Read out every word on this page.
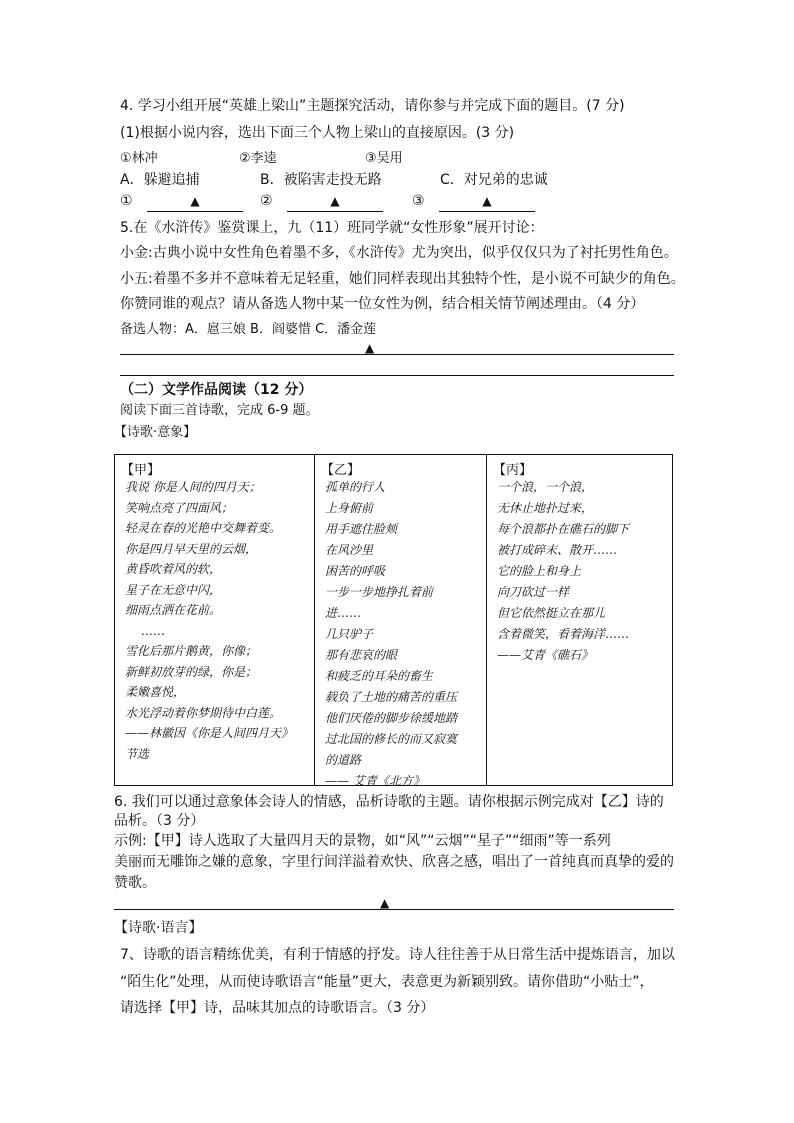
4. 学习小组开展“英雄上梁山”主题探究活动，请你参与并完成下面的题目。(7 分)
(1)根据小说内容，选出下面三个人物上梁山的直接原因。(3 分)
①林冲	②李逵	③吴用
A．躲避追捕	B．被陷害走投无路	C．对兄弟的忠诚
①	▲	②	▲	③	▲
5.在《水浒传》鉴赏课上，九（11）班同学就“女性形象”展开讨论：
小金:古典小说中女性角色着墨不多，《水浒传》尤为突出，似乎仅仅只为了衬托男性角色。
小五:着墨不多并不意味着无足轻重，她们同样表现出其独特个性，是小说不可缺少的角色。
你赞同谁的观点？请从备选人物中某一位女性为例，结合相关情节阐述理由。（4 分）
备选人物：A．扈三娘 B．阎婆惜 C．潘金莲
▲
（二）文学作品阅读（12 分）
阅读下面三首诗歌，完成 6-9 题。
【诗歌·意象】
【甲】
我说 你是人间的四月天；
笑响点亮了四面风；
轻灵在春的光艳中交舞着变。
你是四月早天里的云烟，
黄昏吹着风的软，
星子在无意中闪，
细雨点洒在花前。
　 ……
雪化后那片鹅黄，你像；
新鲜初放芽的绿，你是；
柔嫩喜悦，
水光浮动着你梦期待中白莲。
——林徽因《你是人间四月天》
节选
【乙】
孤单的行人
上身俯前
用手遮住脸颊
在风沙里
困苦的呼吸
一步一步地挣扎着前
进……
几只驴子
那有悲哀的眼
和疲乏的耳朵的畜生
载负了土地的痛苦的重压
他们厌倦的脚步徐缓地踏
过北国的修长的而又寂寞
的道路
—— 艾青《北方》
【丙】
一个浪，一个浪，
无休止地扑过来，
每个浪都扑在礁石的脚下
被打成碎末、散开……
它的脸上和身上
向刀砍过一样
但它依然挺立在那儿
含着微笑，看着海洋……
——艾青《礁石》
6. 我们可以通过意象体会诗人的情感，品析诗歌的主题。请你根据示例完成对【乙】诗的
品析。（3 分）
示例:【甲】诗人选取了大量四月天的景物，如“风”“云烟”“星子”“细雨”等一系列
美丽而无雕饰之嫌的意象，字里行间洋溢着欢快、欣喜之感，唱出了一首纯真而真挚的爱的
赞歌。
▲
【诗歌·语言】
7、诗歌的语言精练优美，有利于情感的抒发。诗人往往善于从日常生活中提炼语言，加以
“陌生化”处理，从而使诗歌语言“能量”更大，表意更为新颖别致。请你借助“小贴士”，
请选择【甲】诗，品味其加点的诗歌语言。（3 分）
